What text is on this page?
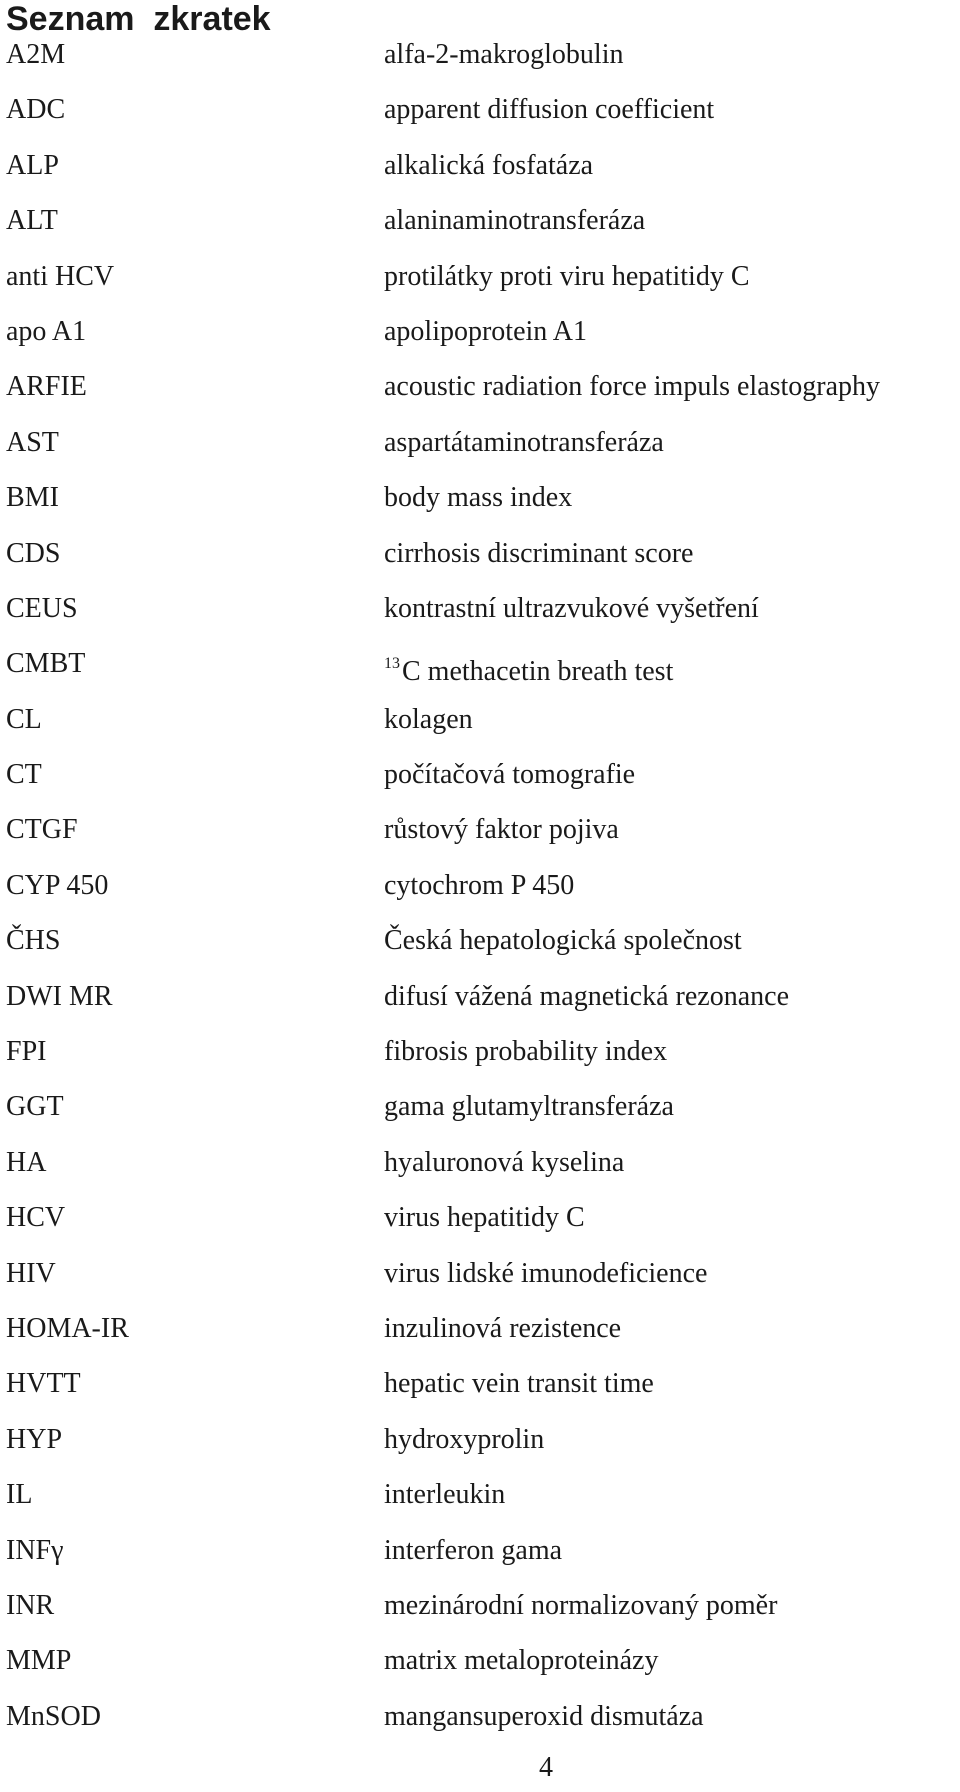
Seznam  zkratek
A2M	alfa-2-makroglobulin
ADC	apparent diffusion coefficient
ALP	alkalická fosfatáza
ALT	alaninaminotransferáza
anti HCV	protilátky proti viru hepatitidy C
apo A1	apolipoprotein A1
ARFIE	acoustic radiation force impuls elastography
AST	aspartátaminotransferáza
BMI	body mass index
CDS	cirrhosis discriminant score
CEUS	kontrastní ultrazvukové vyšetření
CMBT	$^{13}$C methacetin breath test
CL	kolagen
CT	počítačová tomografie
CTGF	růstový faktor pojiva
CYP 450	cytochrom P 450
ČHS	Česká hepatologická společnost
DWI MR	difusí vážená magnetická rezonance
FPI	fibrosis probability index
GGT	gama glutamyltransferáza
HA	hyaluronová kyselina
HCV	virus hepatitidy C
HIV	virus lidské imunodeficience
HOMA-IR	inzulinová rezistence
HVTT	hepatic vein transit time
HYP	hydroxyprolin
IL	interleukin
INFγ	interferon gama
INR	mezinárodní normalizovaný poměr
MMP	matrix metaloproteinázy
MnSOD	mangansuperoxid dismutáza
4
